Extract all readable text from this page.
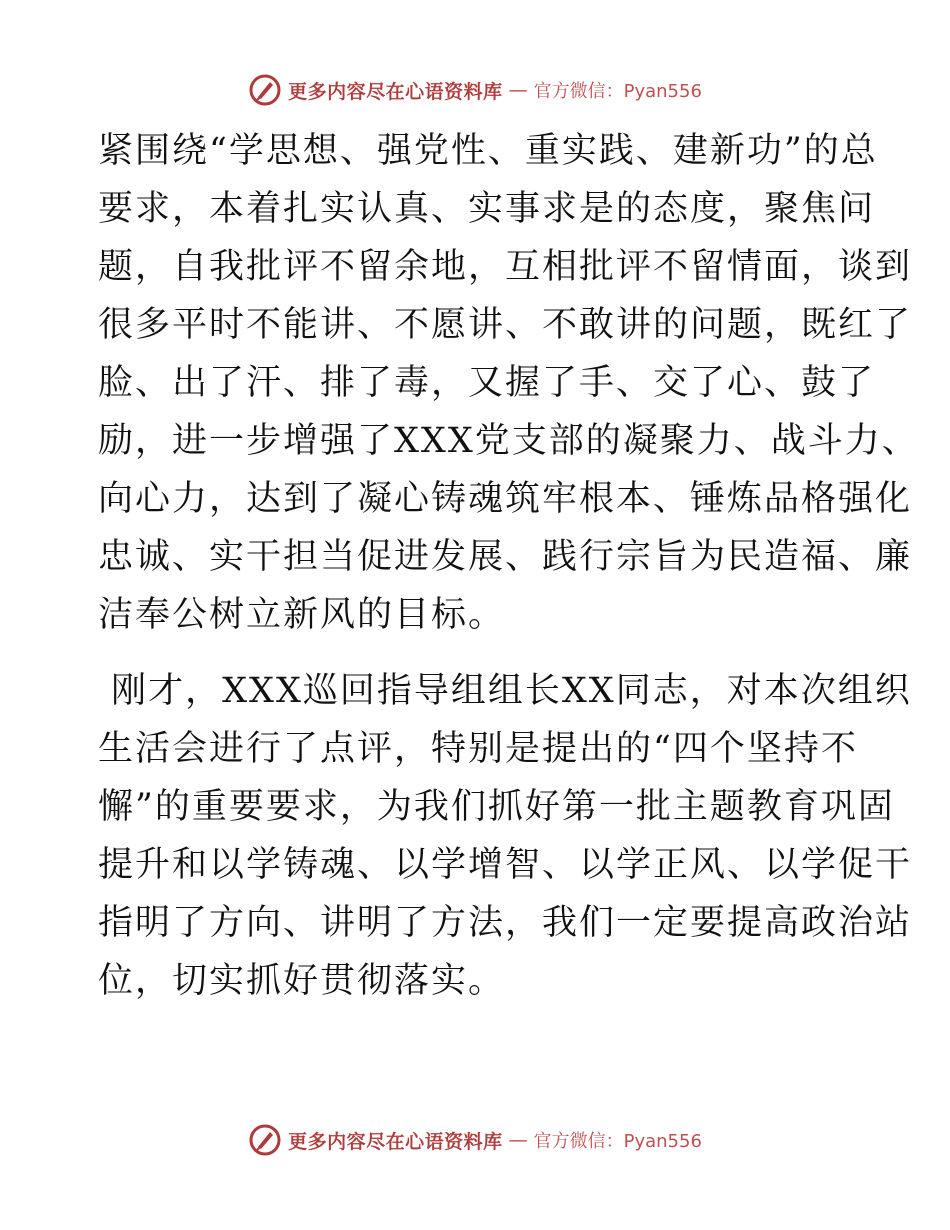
更多内容尽在心语资料库 — 官方微信：Pyan556

紧围绕“学思想、强党性、重实践、建新功”的总
要求，本着扎实认真、实事求是的态度，聚焦问
题，自我批评不留余地，互相批评不留情面，谈到
很多平时不能讲、不愿讲、不敢讲的问题，既红了
脸、出了汗、排了毒，又握了手、交了心、鼓了
励，进一步增强了XXX党支部的凝聚力、战斗力、
向心力，达到了凝心铸魂筑牢根本、锤炼品格强化
忠诚、实干担当促进发展、践行宗旨为民造福、廉
洁奉公树立新风的目标。

刚才，XXX巡回指导组组长XX同志，对本次组织
生活会进行了点评，特别是提出的“四个坚持不
懈”的重要要求，为我们抓好第一批主题教育巩固
提升和以学铸魂、以学增智、以学正风、以学促干
指明了方向、讲明了方法，我们一定要提高政治站
位，切实抓好贯彻落实。

更多内容尽在心语资料库 — 官方微信：Pyan556
